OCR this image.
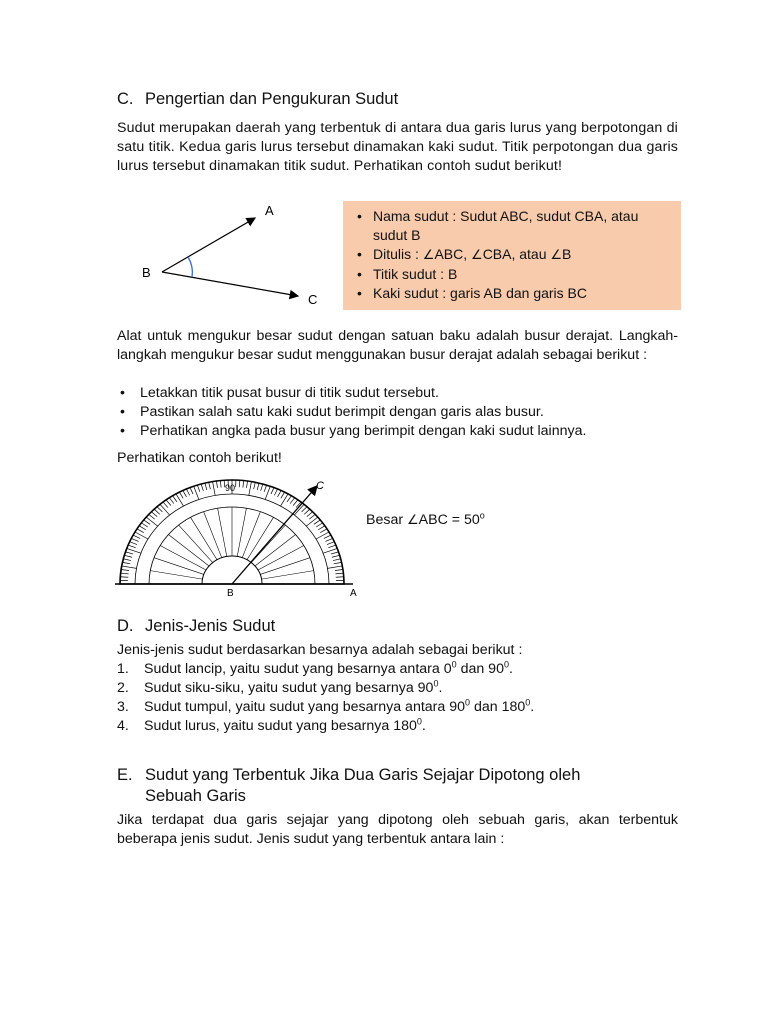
C. Pengertian dan Pengukuran Sudut
Sudut merupakan daerah yang terbentuk di antara dua garis lurus yang berpotongan di satu titik. Kedua garis lurus tersebut dinamakan kaki sudut. Titik perpotongan dua garis lurus tersebut dinamakan titik sudut. Perhatikan contoh sudut berikut!
A
B
C
• Nama sudut : Sudut ABC, sudut CBA, atau
sudut B
• Ditulis : ∠ABC, ∠CBA, atau ∠B
• Titik sudut : B
• Kaki sudut : garis AB dan garis BC
Alat untuk mengukur besar sudut dengan satuan baku adalah busur derajat. Langkah-langkah mengukur besar sudut menggunakan busur derajat adalah sebagai berikut :
• Letakkan titik pusat busur di titik sudut tersebut.
• Pastikan salah satu kaki sudut berimpit dengan garis alas busur.
• Perhatikan angka pada busur yang berimpit dengan kaki sudut lainnya.
Perhatikan contoh berikut!
90	C
B	A
Besar ∠ABC = $50^o$
D. Jenis-Jenis Sudut
Jenis-jenis sudut berdasarkan besarnya adalah sebagai berikut :
1. Sudut lancip, yaitu sudut yang besarnya antara $0^0$ dan $90^0$.
2. Sudut siku-siku, yaitu sudut yang besarnya $90^0$.
3. Sudut tumpul, yaitu sudut yang besarnya antara $90^0$ dan $180^0$.
4. Sudut lurus, yaitu sudut yang besarnya $180^0$.
E. Sudut yang Terbentuk Jika Dua Garis Sejajar Dipotong oleh
Sebuah Garis
Jika terdapat dua garis sejajar yang dipotong oleh sebuah garis, akan terbentuk beberapa jenis sudut. Jenis sudut yang terbentuk antara lain :
